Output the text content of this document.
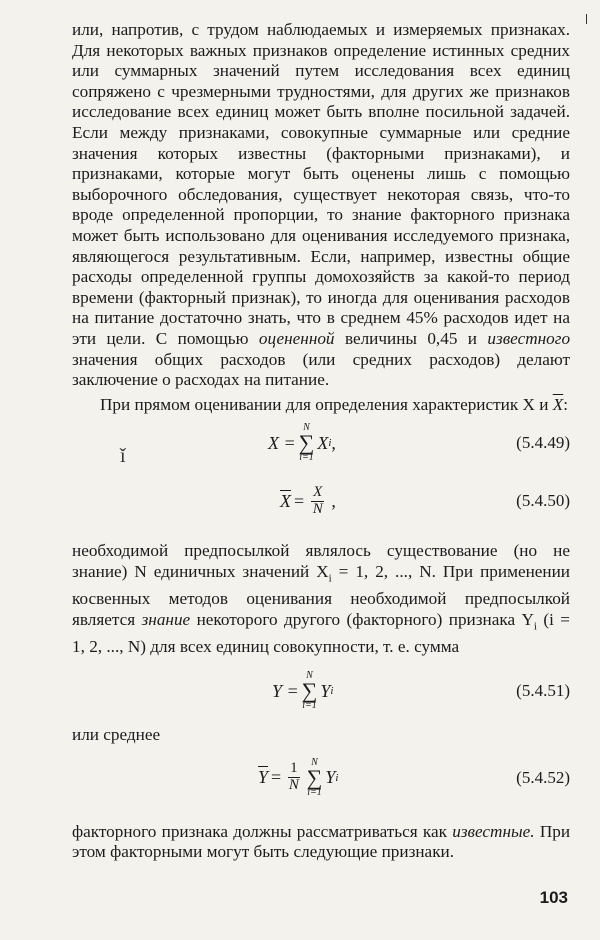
или, напротив, с трудом наблюдаемых и измеряемых признаках. Для некоторых важных признаков определение истинных средних или суммарных значений путем исследования всех единиц сопряжено с чрезмерными трудностями, для других же признаков исследование всех единиц может быть вполне посильной задачей. Если между признаками, совокупные суммарные или средние значения которых известны (факторными признаками), и признаками, которые могут быть оценены лишь с помощью выборочного обследования, существует некоторая связь, что-то вроде определенной пропорции, то знание факторного признака может быть использовано для оценивания исследуемого признака, являющегося результативным. Если, например, известны общие расходы определенной группы домохозяйств за какой-то период времени (факторный признак), то иногда для оценивания расходов на питание достаточно знать, что в среднем 45% расходов идет на эти цели. С помощью оцененной величины 0,45 и известного значения общих расходов (или средних расходов) делают заключение о расходах на питание.

При прямом оценивании для определения характеристик X и $\overline{X}$:

X =
N
∑
i=1
X i ,	(5.4.49)
$\overline{X} = \frac{X}{N}$ ,	(5.4.50)

необходимой предпосылкой являлось существование (но не знание) N единичных значений $X_i = 1$, 2, ..., N. При применении косвенных методов оценивания необходимой предпосылкой является знание некоторого другого (факторного) признака $Y_i$ (i = 1, 2, ..., N) для всех единиц совокупности, т. е. сумма

Y =
N
∑
i=1
Y i	(5.4.51)

или среднее

$\overline{Y} = \frac{1}{N}$ N
∑
i=1
Y i	(5.4.52)

факторного признака должны рассматриваться как известные. При этом факторными могут быть следующие признаки.

ǐ
103
